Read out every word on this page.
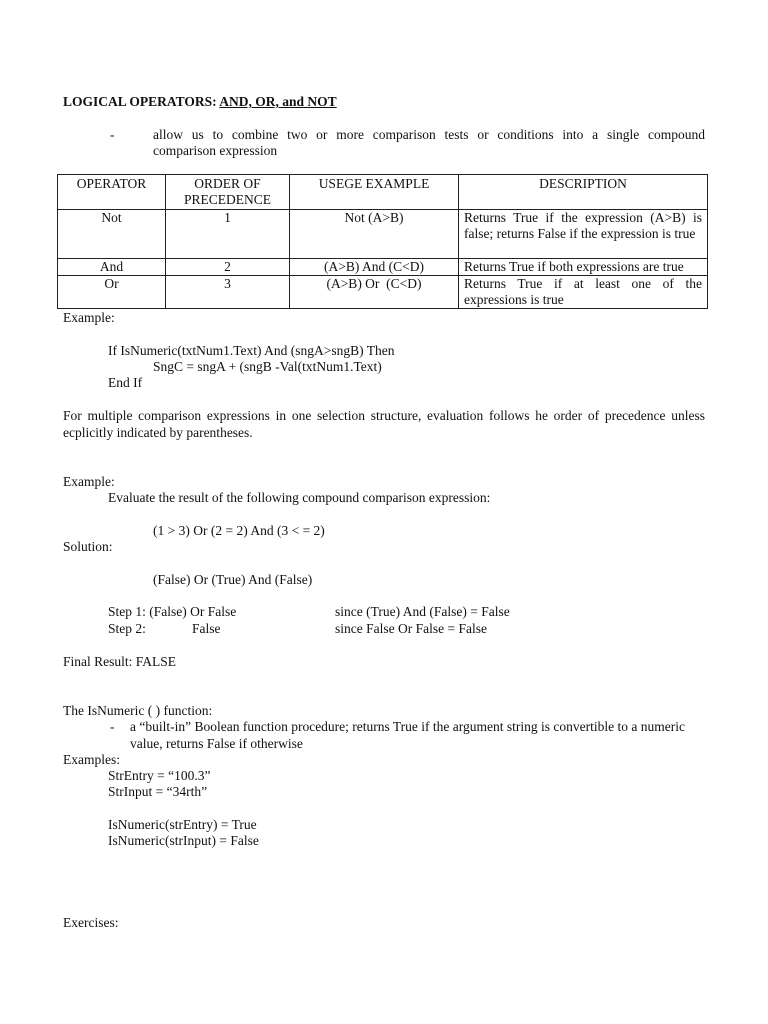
LOGICAL OPERATORS: AND, OR, and NOT
-	allow us to combine two or more comparison tests or conditions into a single compound
comparison expression
OPERATOR	ORDER OF PRECEDENCE	USEGE EXAMPLE	DESCRIPTION
Not	1	Not (A>B)	Returns True if the expression (A>B) is false; returns False if the expression is true
And	2	(A>B) And (C<D)	Returns True if both expressions are true
Or	3	(A>B) Or  (C<D)	Returns True if at least one of the expressions is true
Example:
If IsNumeric(txtNum1.Text) And (sngA>sngB) Then
SngC = sngA + (sngB -Val(txtNum1.Text)
End If
For multiple comparison expressions in one selection structure, evaluation follows he order of precedence unless
ecplicitly indicated by parentheses.
Example:
Evaluate the result of the following compound comparison expression:
(1 > 3) Or (2 = 2) And (3 < = 2)
Solution:
(False) Or (True) And (False)
Step 1: (False) Or False	since (True) And (False) = False
Step 2:	False	since False Or False = False
Final Result: FALSE
The IsNumeric ( ) function:
- a “built-in” Boolean function procedure; returns True if the argument string is convertible to a numeric
value, returns False if otherwise
Examples:
StrEntry = “100.3”
StrInput = “34rth”
IsNumeric(strEntry) = True
IsNumeric(strInput) = False
Exercises:
